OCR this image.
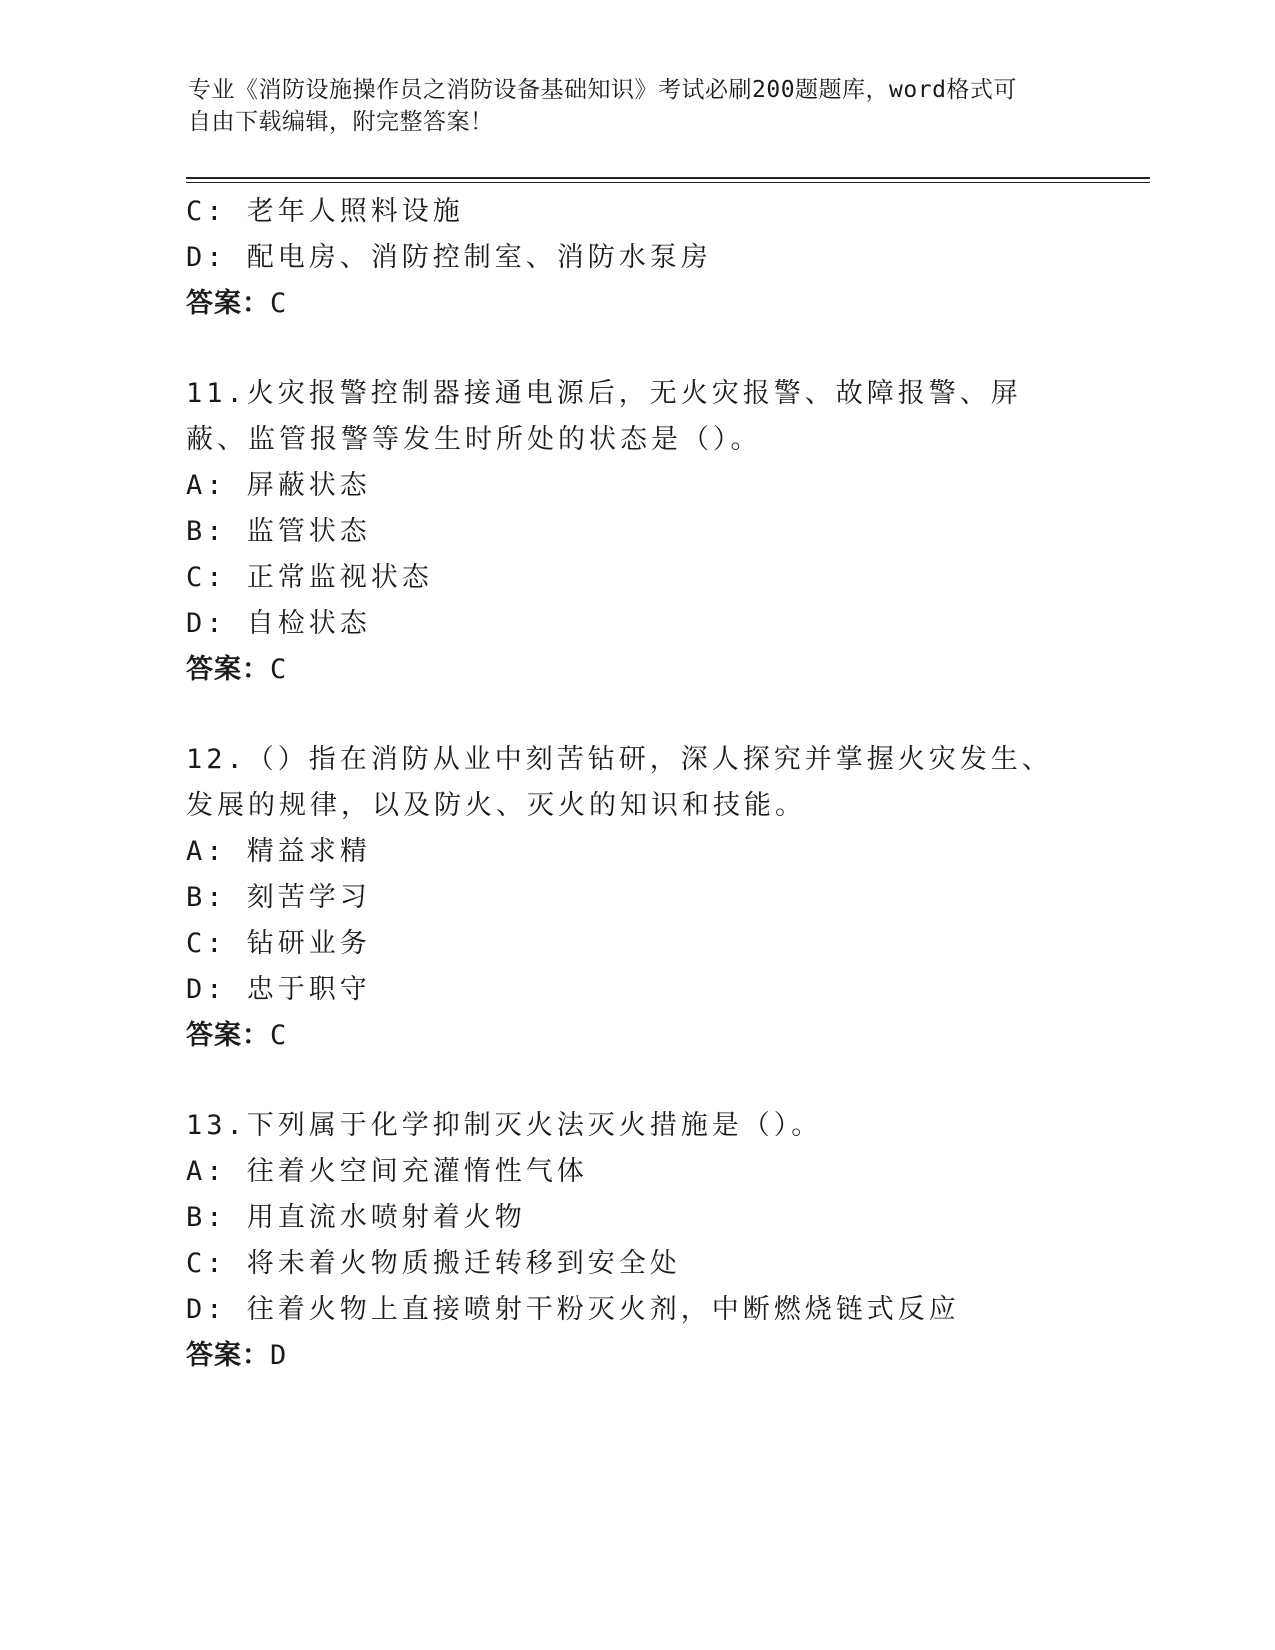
专业《消防设施操作员之消防设备基础知识》考试必刷200题题库，word格式可
自由下载编辑，附完整答案！
C: 老年人照料设施
D: 配电房、消防控制室、消防水泵房
答案：C
11.火灾报警控制器接通电源后，无火灾报警、故障报警、屏蔽、监管报警等发生时所处的状态是（）。
A: 屏蔽状态
B: 监管状态
C: 正常监视状态
D: 自检状态
答案：C
12.（）指在消防从业中刻苦钻研，深人探究并掌握火灾发生、发展的规律，以及防火、灭火的知识和技能。
A: 精益求精
B: 刻苦学习
C: 钻研业务
D: 忠于职守
答案：C
13.下列属于化学抑制灭火法灭火措施是（）。
A: 往着火空间充灌惰性气体
B: 用直流水喷射着火物
C: 将未着火物质搬迁转移到安全处
D: 往着火物上直接喷射干粉灭火剂，中断燃烧链式反应
答案：D
